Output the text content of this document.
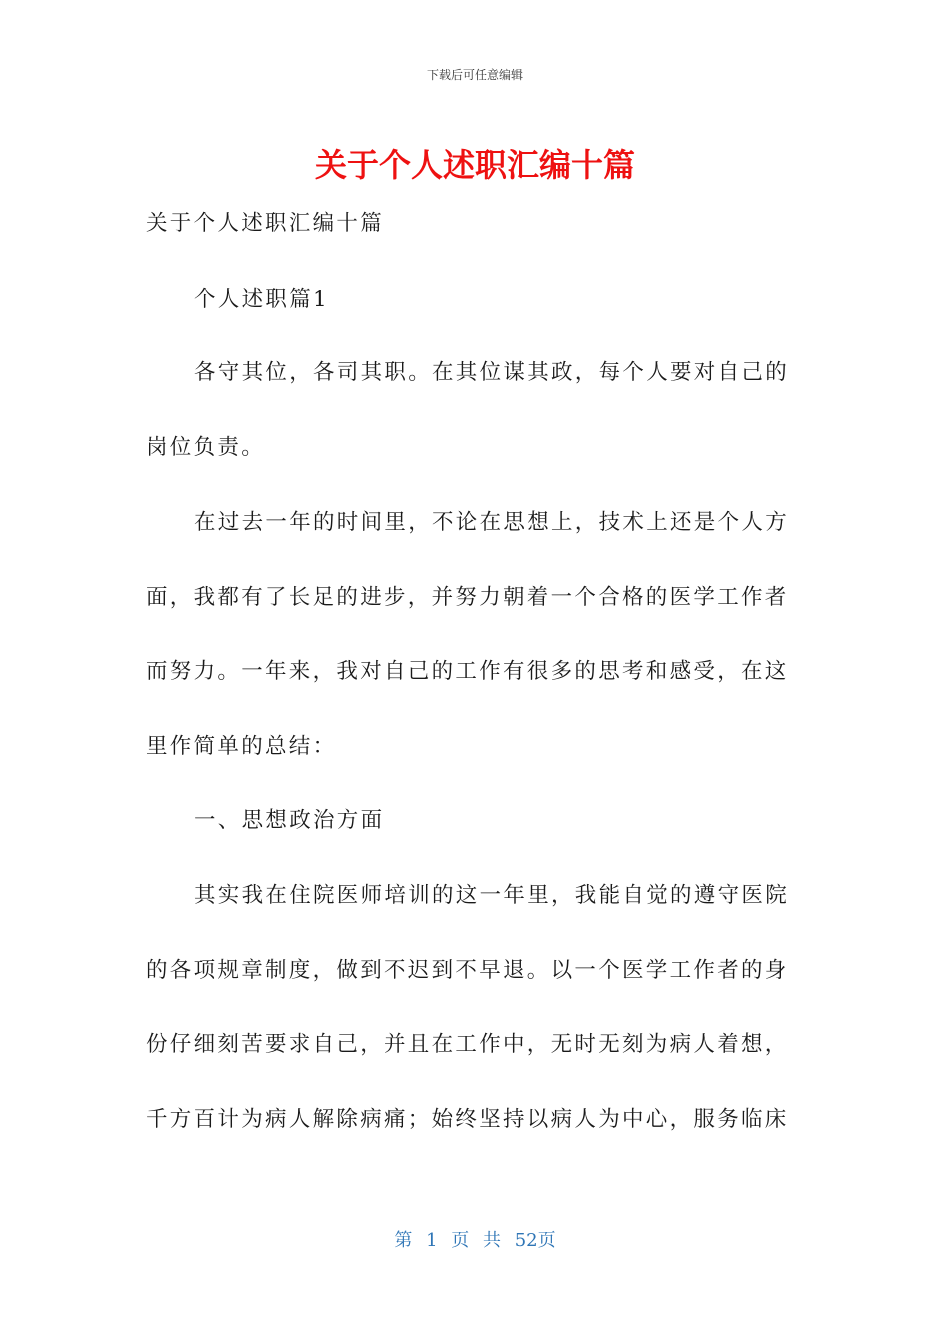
下载后可任意编辑
关于个人述职汇编十篇
关于个人述职汇编十篇
个人述职篇1
各守其位，各司其职。在其位谋其政，每个人要对自己的
岗位负责。
在过去一年的时间里，不论在思想上，技术上还是个人方
面，我都有了长足的进步，并努力朝着一个合格的医学工作者
而努力。一年来，我对自己的工作有很多的思考和感受，在这
里作简单的总结：
一、思想政治方面
其实我在住院医师培训的这一年里，我能自觉的遵守医院
的各项规章制度，做到不迟到不早退。以一个医学工作者的身
份仔细刻苦要求自己，并且在工作中，无时无刻为病人着想，
千方百计为病人解除病痛；始终坚持以病人为中心，服务临床
第 1 页 共 52页
